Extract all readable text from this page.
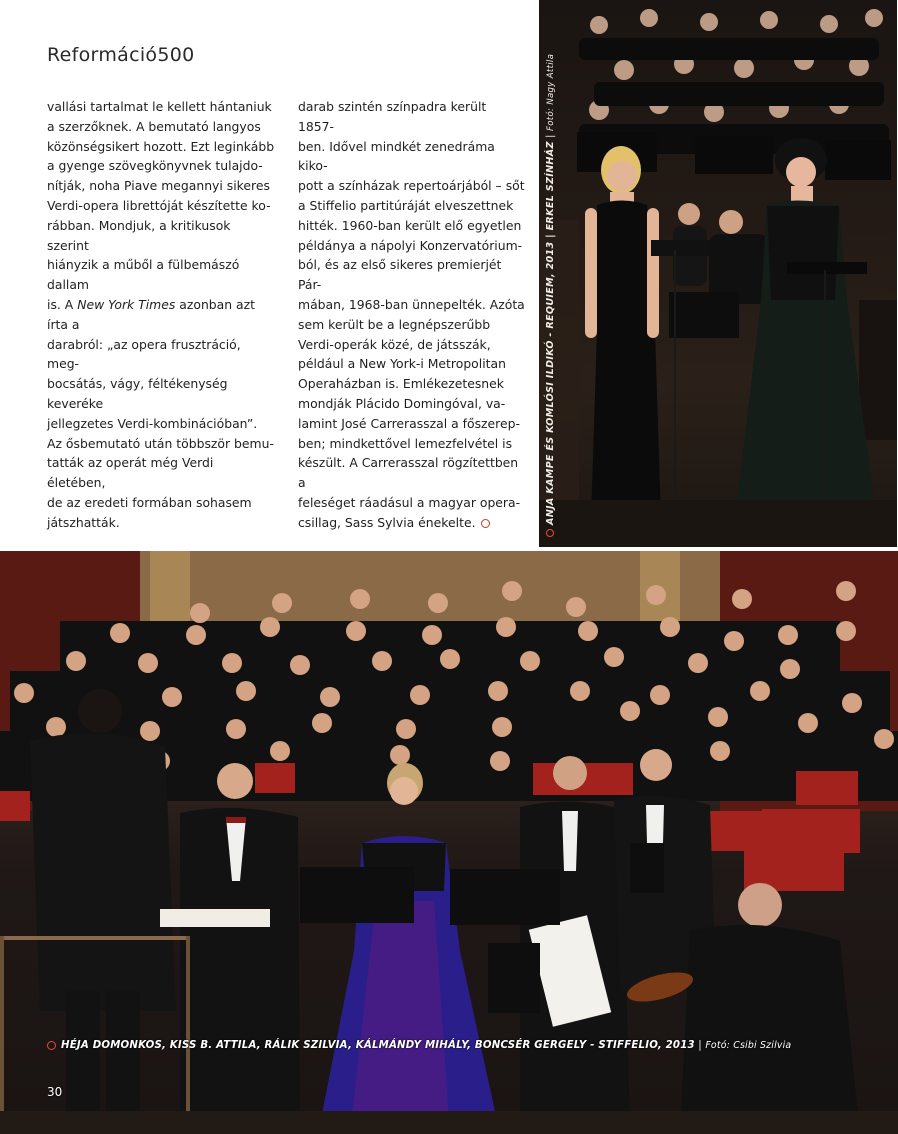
Reformáció500

vallási tartalmat le kellett hántaniuk

a szerzőknek. A bemutató langyos

közönségsikert hozott. Ezt leginkább

a gyenge szövegkönyvnek tulajdo-

nítják, noha Piave megannyi sikeres

Verdi-opera librettóját készítette ko-

rábban. Mondjuk, a kritikusok szerint

hiányzik a műből a fülbemászó dallam

is. A New York Times azonban azt írta a

darabról: „az opera frusztráció, meg-

bocsátás, vágy, féltékenység keveréke

jellegzetes Verdi-kombinációban”.

Az ősbemutató után többször bemu-

tatták az operát még Verdi életében,

de az eredeti formában sohasem

játszhatták.

darab szintén színpadra került 1857-

ben. Idővel mindkét zenedráma kiko-

pott a színházak repertoárjából – sőt

a Stiffelio partitúráját elveszettnek

hitték. 1960-ban került elő egyetlen

példánya a nápolyi Konzervatórium-

ból, és az első sikeres premierjét Pár-

mában, 1968-ban ünnepelték. Azóta

sem került be a legnépszerűbb

Verdi-operák közé, de játsszák,

például a New York-i Metropolitan

Operaházban is. Emlékezetesnek

mondják Plácido Domingóval, va-

lamint José Carrerasszal a főszerep-

ben; mindkettővel lemezfelvétel is

készült. A Carrerasszal rögzítettben a

feleséget ráadásul a magyar opera-

csillag, Sass Sylvia énekelte.	ANJA KAMPE ÉS KOMLÓSI ILDIKÓ - REQUIEM, 2013 | ERKEL SZÍNHÁZ | Fotó: Nagy Attila
HÉJA DOMONKOS, KISS B. ATTILA, RÁLIK SZILVIA, KÁLMÁNDY MIHÁLY, BONCSÉR GERGELY - STIFFELIO, 2013 | Fotó: Csibi Szilvia
30
